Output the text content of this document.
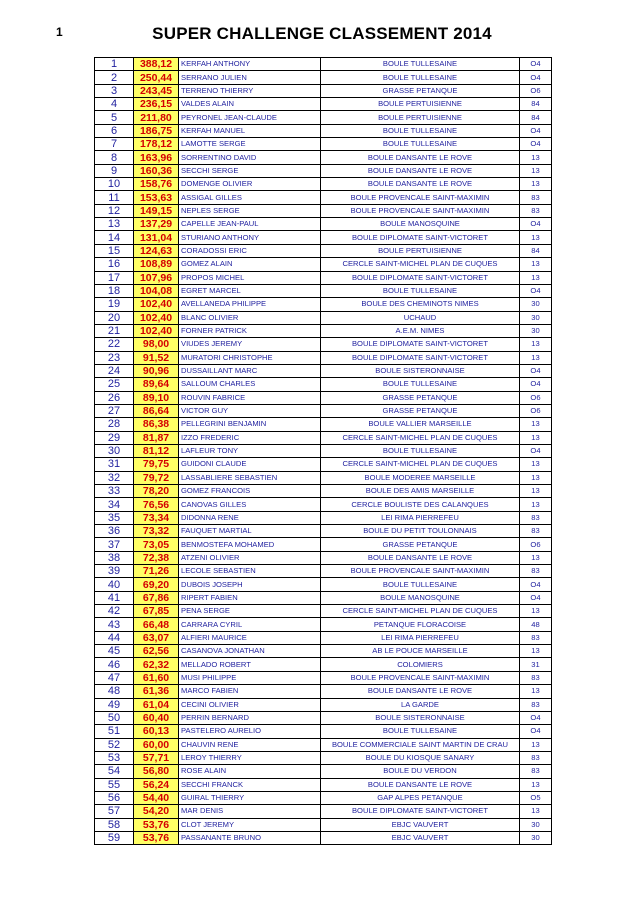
1	SUPER CHALLENGE CLASSEMENT 2014
1	388,12	KERFAH ANTHONY	BOULE TULLESAINE	O4
2	250,44	SERRANO JULIEN	BOULE TULLESAINE	O4
3	243,45	TERRENO THIERRY	GRASSE PETANQUE	O6
4	236,15	VALDES ALAIN	BOULE PERTUISIENNE	84
5	211,80	PEYRONEL JEAN-CLAUDE	BOULE PERTUISIENNE	84
6	186,75	KERFAH MANUEL	BOULE TULLESAINE	O4
7	178,12	LAMOTTE SERGE	BOULE TULLESAINE	O4
8	163,96	SORRENTINO DAVID	BOULE DANSANTE LE ROVE	13
9	160,36	SECCHI SERGE	BOULE DANSANTE LE ROVE	13
10	158,76	DOMENGE OLIVIER	BOULE DANSANTE LE ROVE	13
11	153,63	ASSIGAL GILLES	BOULE PROVENCALE SAINT-MAXIMIN	83
12	149,15	NEPLES SERGE	BOULE PROVENCALE SAINT-MAXIMIN	83
13	137,29	CAPELLE JEAN-PAUL	BOULE MANOSQUINE	O4
14	131,04	STURIANO ANTHONY	BOULE DIPLOMATE SAINT-VICTORET	13
15	124,63	CORADOSSI ERIC	BOULE PERTUISIENNE	84
16	108,89	GOMEZ ALAIN	CERCLE SAINT-MICHEL PLAN DE CUQUES	13
17	107,96	PROPOS MICHEL	BOULE DIPLOMATE SAINT-VICTORET	13
18	104,08	EGRET MARCEL	BOULE TULLESAINE	O4
19	102,40	AVELLANEDA PHILIPPE	BOULE DES CHEMINOTS NIMES	30
20	102,40	BLANC OLIVIER	UCHAUD	30
21	102,40	FORNER PATRICK	A.E.M. NIMES	30
22	98,00	VIUDES JEREMY	BOULE DIPLOMATE SAINT-VICTORET	13
23	91,52	MURATORI CHRISTOPHE	BOULE DIPLOMATE SAINT-VICTORET	13
24	90,96	DUSSAILLANT MARC	BOULE SISTERONNAISE	O4
25	89,64	SALLOUM CHARLES	BOULE TULLESAINE	O4
26	89,10	ROUVIN FABRICE	GRASSE PETANQUE	O6
27	86,64	VICTOR GUY	GRASSE PETANQUE	O6
28	86,38	PELLEGRINI BENJAMIN	BOULE VALLIER MARSEILLE	13
29	81,87	IZZO FREDERIC	CERCLE SAINT-MICHEL PLAN DE CUQUES	13
30	81,12	LAFLEUR TONY	BOULE TULLESAINE	O4
31	79,75	GUIDONI CLAUDE	CERCLE SAINT-MICHEL PLAN DE CUQUES	13
32	79,72	LASSABLIERE SEBASTIEN	BOULE MODEREE MARSEILLE	13
33	78,20	GOMEZ FRANCOIS	BOULE DES AMIS MARSEILLE	13
34	76,56	CANOVAS GILLES	CERCLE BOULISTE DES CALANQUES	13
35	73,34	DIDONNA RENE	LEI RIMA PIERREFEU	83
36	73,32	FAUQUET MARTIAL	BOULE DU PETIT TOULONNAIS	83
37	73,05	BENMOSTEFA MOHAMED	GRASSE PETANQUE	O6
38	72,38	ATZENI OLIVIER	BOULE DANSANTE LE ROVE	13
39	71,26	LECOLE SEBASTIEN	BOULE PROVENCALE SAINT-MAXIMIN	83
40	69,20	DUBOIS JOSEPH	BOULE TULLESAINE	O4
41	67,86	RIPERT FABIEN	BOULE MANOSQUINE	O4
42	67,85	PENA SERGE	CERCLE SAINT-MICHEL PLAN DE CUQUES	13
43	66,48	CARRARA CYRIL	PETANQUE FLORACOISE	48
44	63,07	ALFIERI MAURICE	LEI RIMA PIERREFEU	83
45	62,56	CASANOVA JONATHAN	AB LE POUCE MARSEILLE	13
46	62,32	MELLADO ROBERT	COLOMIERS	31
47	61,60	MUSI PHILIPPE	BOULE PROVENCALE SAINT-MAXIMIN	83
48	61,36	MARCO FABIEN	BOULE DANSANTE LE ROVE	13
49	61,04	CECINI OLIVIER	LA GARDE	83
50	60,40	PERRIN BERNARD	BOULE SISTERONNAISE	O4
51	60,13	PASTELERO AURELIO	BOULE TULLESAINE	O4
52	60,00	CHAUVIN RENE	BOULE COMMERCIALE SAINT MARTIN DE CRAU	13
53	57,71	LEROY THIERRY	BOULE DU KIOSQUE SANARY	83
54	56,80	ROSE ALAIN	BOULE DU VERDON	83
55	56,24	SECCHI FRANCK	BOULE DANSANTE LE ROVE	13
56	54,40	GUIRAL THIERRY	GAP ALPES PETANQUE	O5
57	54,20	MAR DENIS	BOULE DIPLOMATE SAINT-VICTORET	13
58	53,76	CLOT JEREMY	EBJC VAUVERT	30
59	53,76	PASSANANTE BRUNO	EBJC VAUVERT	30
